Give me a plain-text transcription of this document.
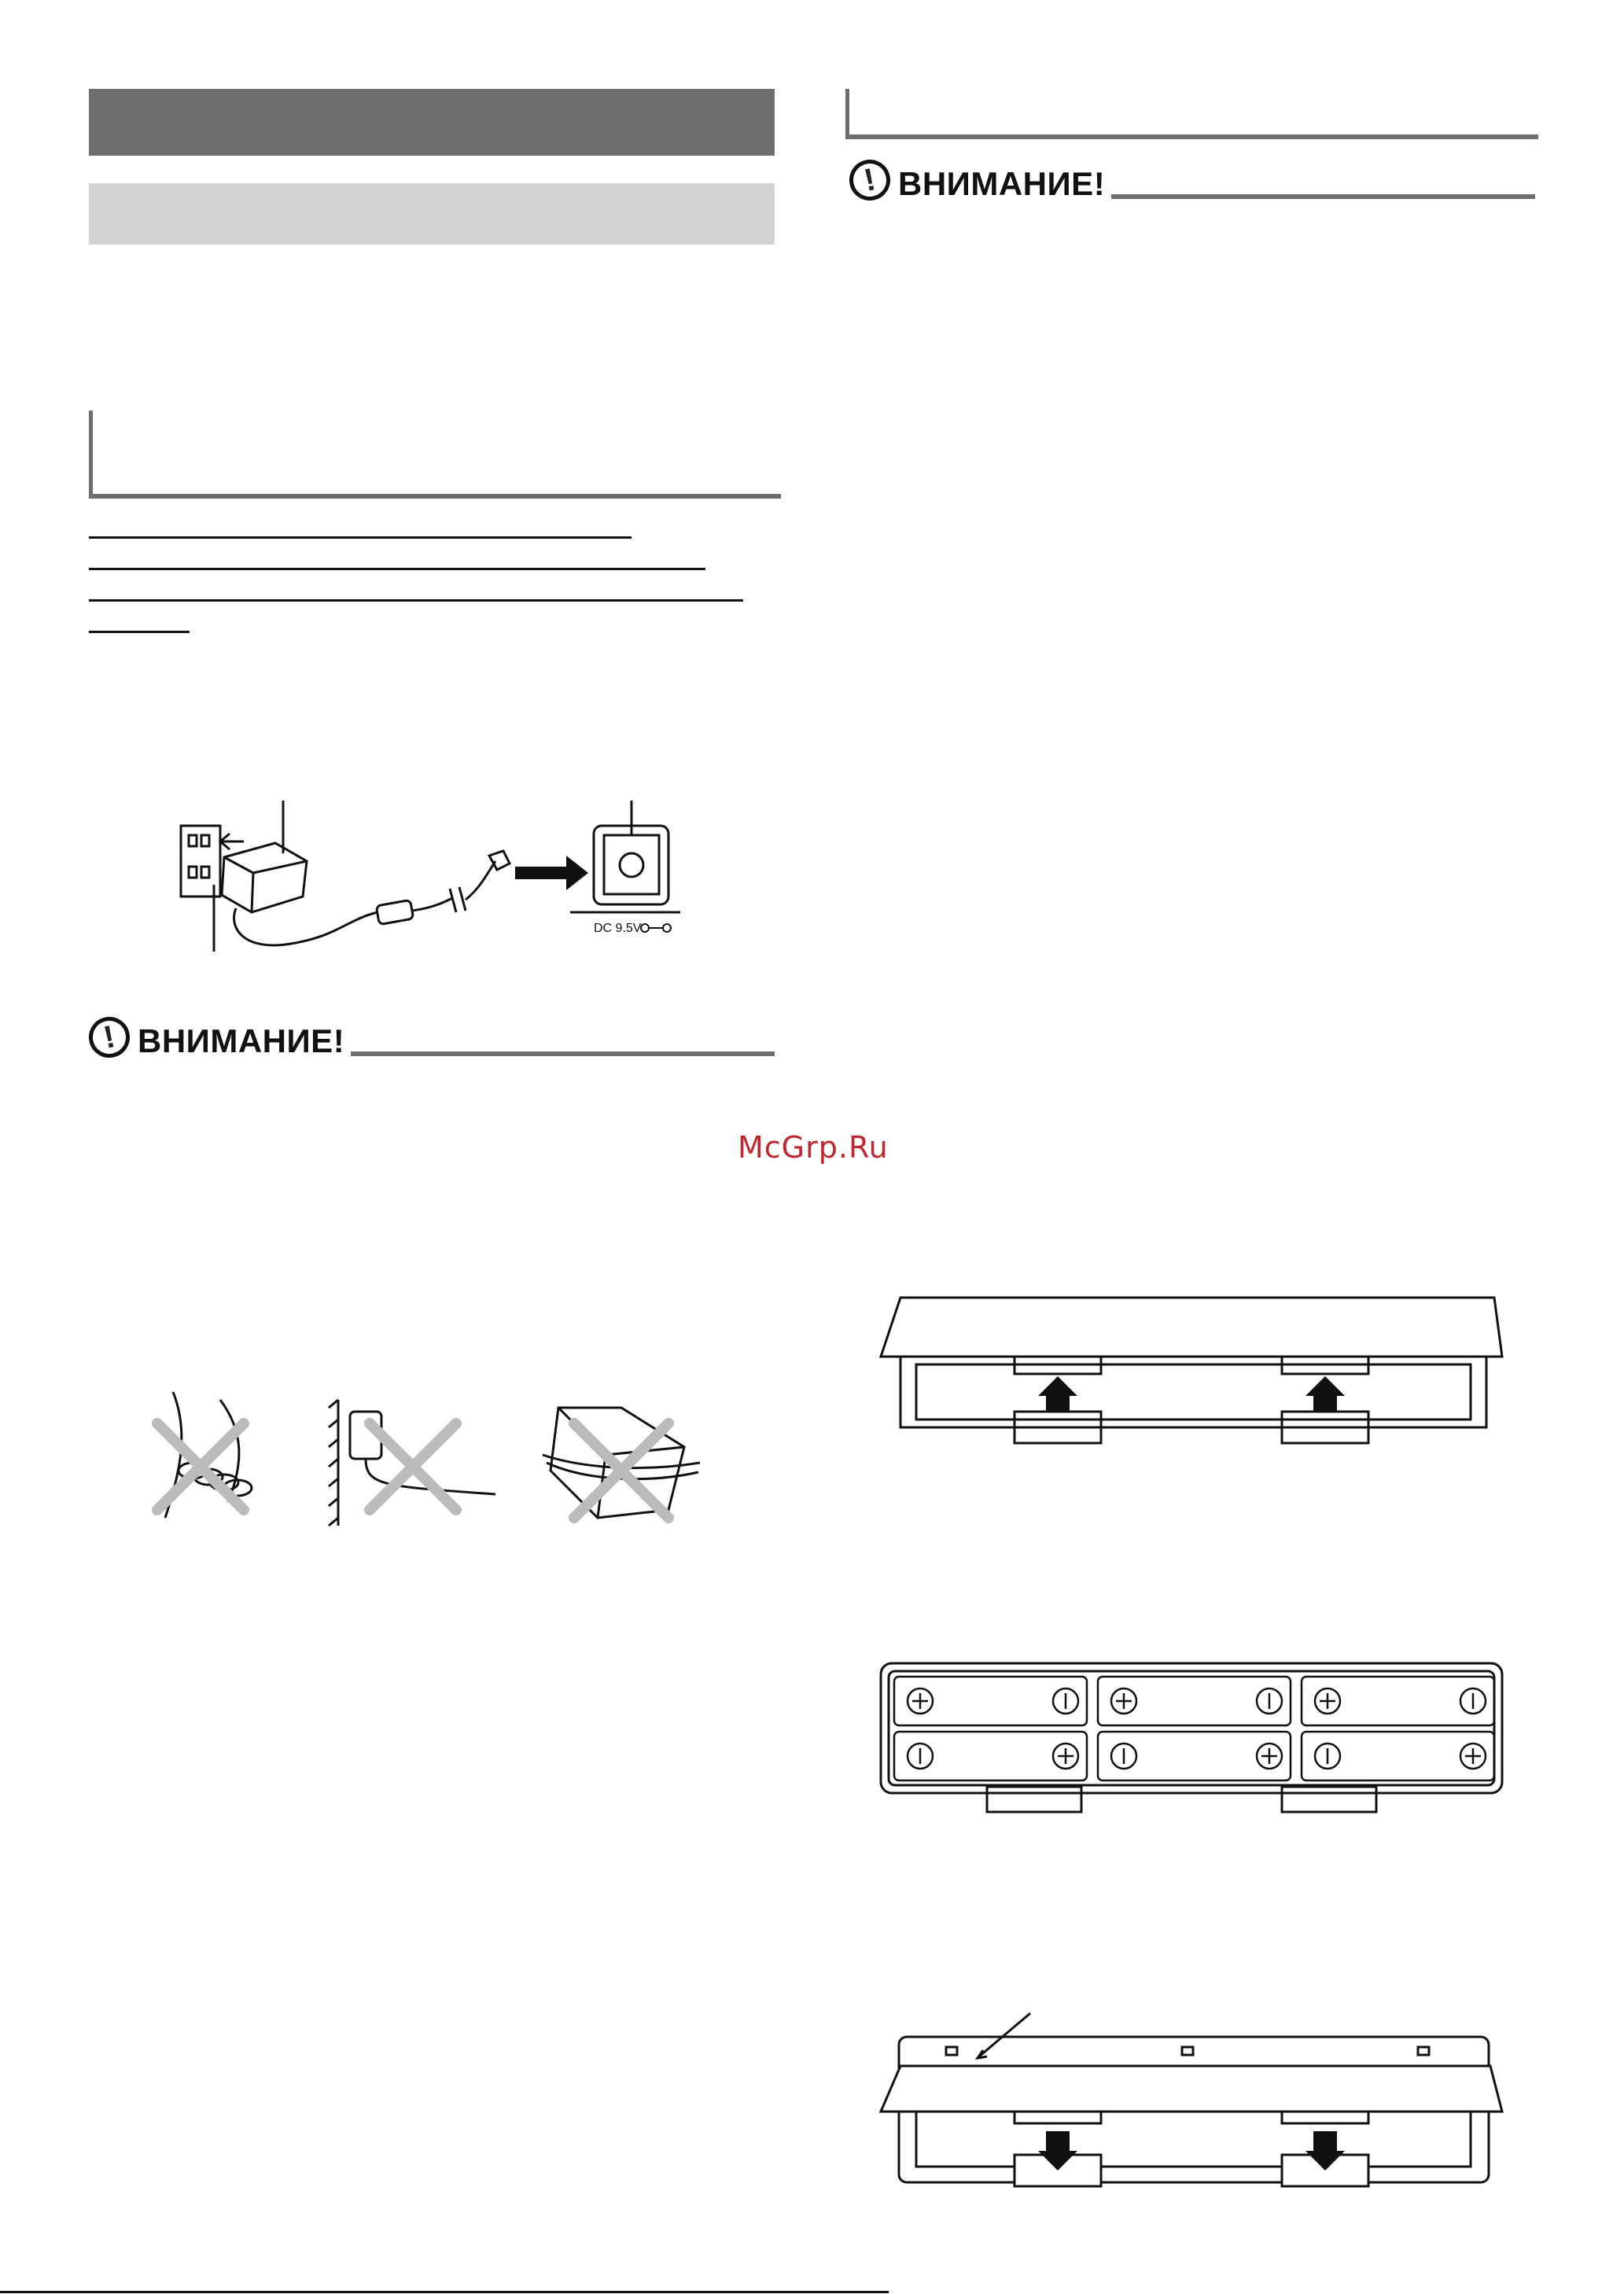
DC 9.5V
! ВНИМАНИЕ!
! ВНИМАНИЕ!
McGrp.Ru
